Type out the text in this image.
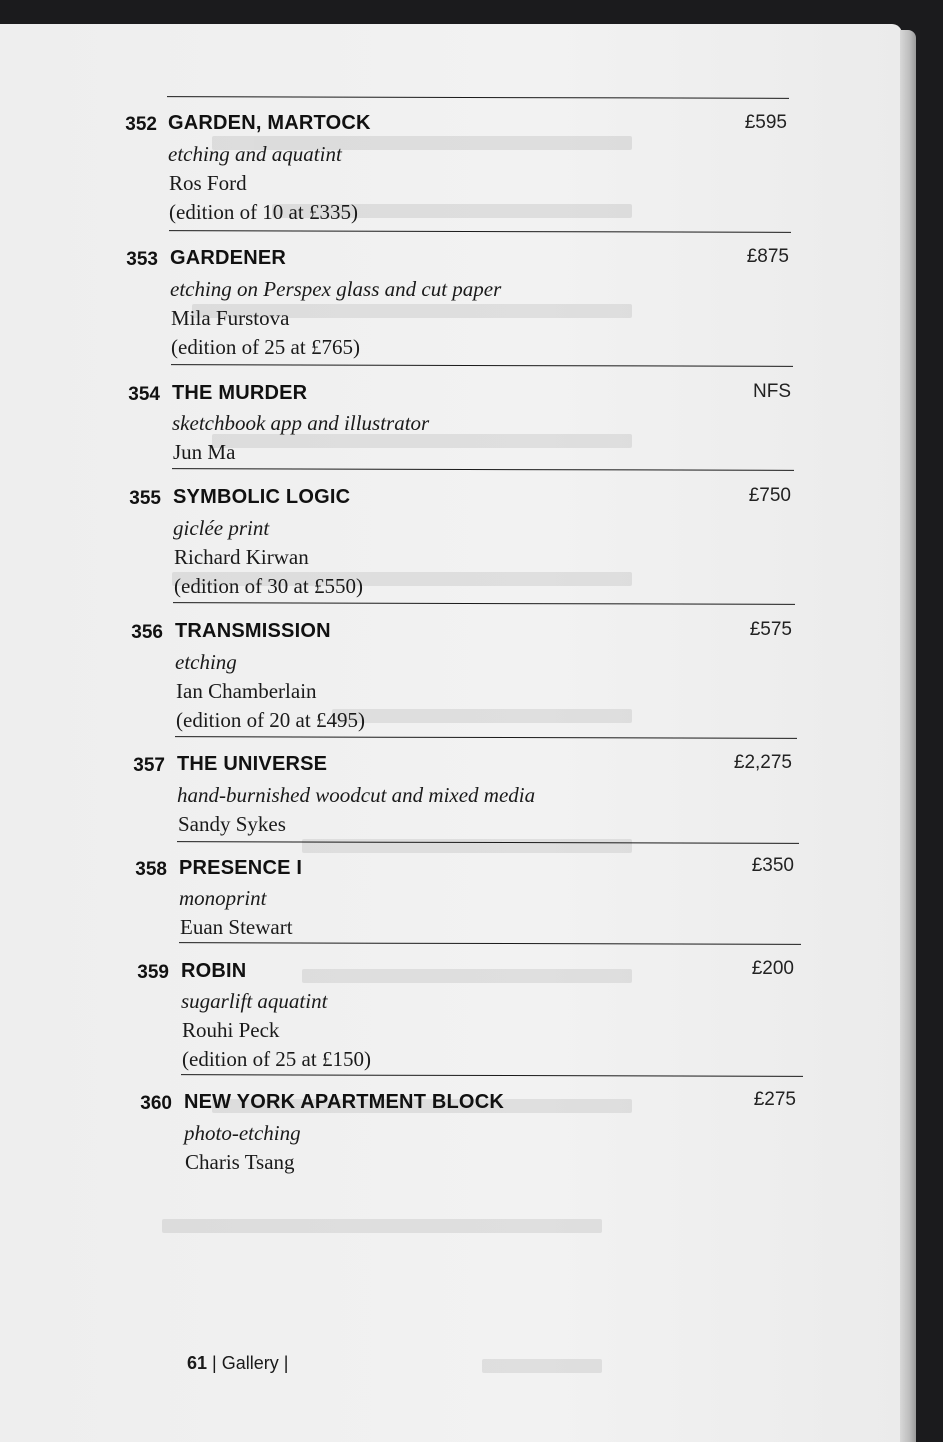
352 GARDEN, MARTOCK
etching and aquatint
Ros Ford
(edition of 10 at £335)
£595
353 GARDENER
etching on Perspex glass and cut paper
Mila Furstova
(edition of 25 at £765)
£875
354 THE MURDER
sketchbook app and illustrator
Jun Ma
NFS
355 SYMBOLIC LOGIC
giclée print
Richard Kirwan
(edition of 30 at £550)
£750
356 TRANSMISSION
etching
Ian Chamberlain
(edition of 20 at £495)
£575
357 THE UNIVERSE
hand-burnished woodcut and mixed media
Sandy Sykes
£2,275
358 PRESENCE I
monoprint
Euan Stewart
£350
359 ROBIN
sugarlift aquatint
Rouhi Peck
(edition of 25 at £150)
£200
360 NEW YORK APARTMENT BLOCK
photo-etching
Charis Tsang
£275
61 | Gallery |
